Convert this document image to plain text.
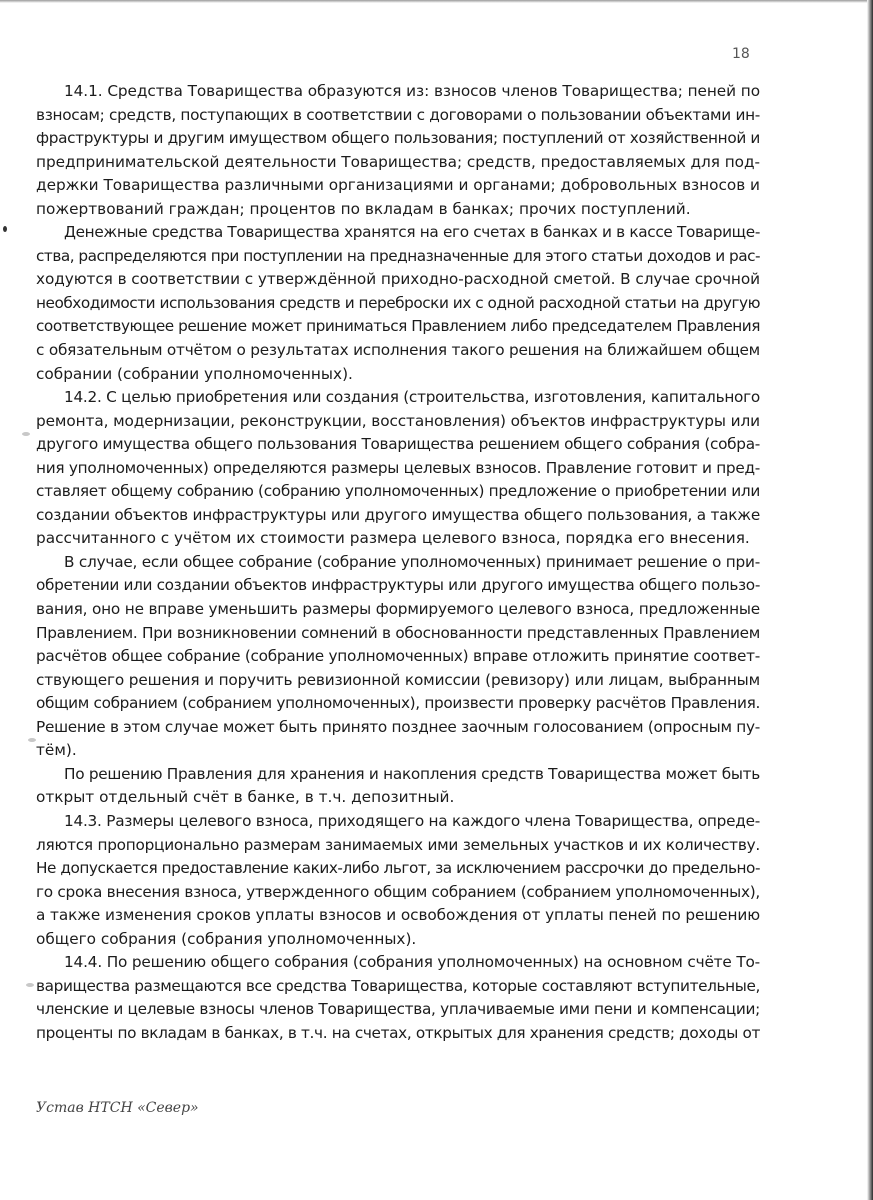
18
14.1. Средства Товарищества образуются из: взносов членов Товарищества; пеней по
взносам; средств, поступающих в соответствии с договорами о пользовании объектами ин-
фраструктуры и другим имуществом общего пользования; поступлений от хозяйственной и
предпринимательской деятельности Товарищества; средств, предоставляемых для под-
держки Товарищества различными организациями и органами; добровольных взносов и
пожертвований граждан; процентов по вкладам в банках; прочих поступлений.
Денежные средства Товарищества хранятся на его счетах в банках и в кассе Товарище-
ства, распределяются при поступлении на предназначенные для этого статьи доходов и рас-
ходуются в соответствии с утверждённой приходно-расходной сметой. В случае срочной
необходимости использования средств и переброски их с одной расходной статьи на другую
соответствующее решение может приниматься Правлением либо председателем Правления
с обязательным отчётом о результатах исполнения такого решения на ближайшем общем
собрании (собрании уполномоченных).
14.2. С целью приобретения или создания (строительства, изготовления, капитального
ремонта, модернизации, реконструкции, восстановления) объектов инфраструктуры или
другого имущества общего пользования Товарищества решением общего собрания (собра-
ния уполномоченных) определяются размеры целевых взносов. Правление готовит и пред-
ставляет общему собранию (собранию уполномоченных) предложение о приобретении или
создании объектов инфраструктуры или другого имущества общего пользования, а также
рассчитанного с учётом их стоимости размера целевого взноса, порядка его внесения.
В случае, если общее собрание (собрание уполномоченных) принимает решение о при-
обретении или создании объектов инфраструктуры или другого имущества общего пользо-
вания, оно не вправе уменьшить размеры формируемого целевого взноса, предложенные
Правлением. При возникновении сомнений в обоснованности представленных Правлением
расчётов общее собрание (собрание уполномоченных) вправе отложить принятие соответ-
ствующего решения и поручить ревизионной комиссии (ревизору) или лицам, выбранным
общим собранием (собранием уполномоченных), произвести проверку расчётов Правления.
Решение в этом случае может быть принято позднее заочным голосованием (опросным пу-
тём).
По решению Правления для хранения и накопления средств Товарищества может быть
открыт отдельный счёт в банке, в т.ч. депозитный.
14.3. Размеры целевого взноса, приходящего на каждого члена Товарищества, опреде-
ляются пропорционально размерам занимаемых ими земельных участков и их количеству.
Не допускается предоставление каких-либо льгот, за исключением рассрочки до предельно-
го срока внесения взноса, утвержденного общим собранием (собранием уполномоченных),
а также изменения сроков уплаты взносов и освобождения от уплаты пеней по решению
общего собрания (собрания уполномоченных).
14.4. По решению общего собрания (собрания уполномоченных) на основном счёте То-
варищества размещаются все средства Товарищества, которые составляют вступительные,
членские и целевые взносы членов Товарищества, уплачиваемые ими пени и компенсации;
проценты по вкладам в банках, в т.ч. на счетах, открытых для хранения средств; доходы от
Устав НТСН «Север»
